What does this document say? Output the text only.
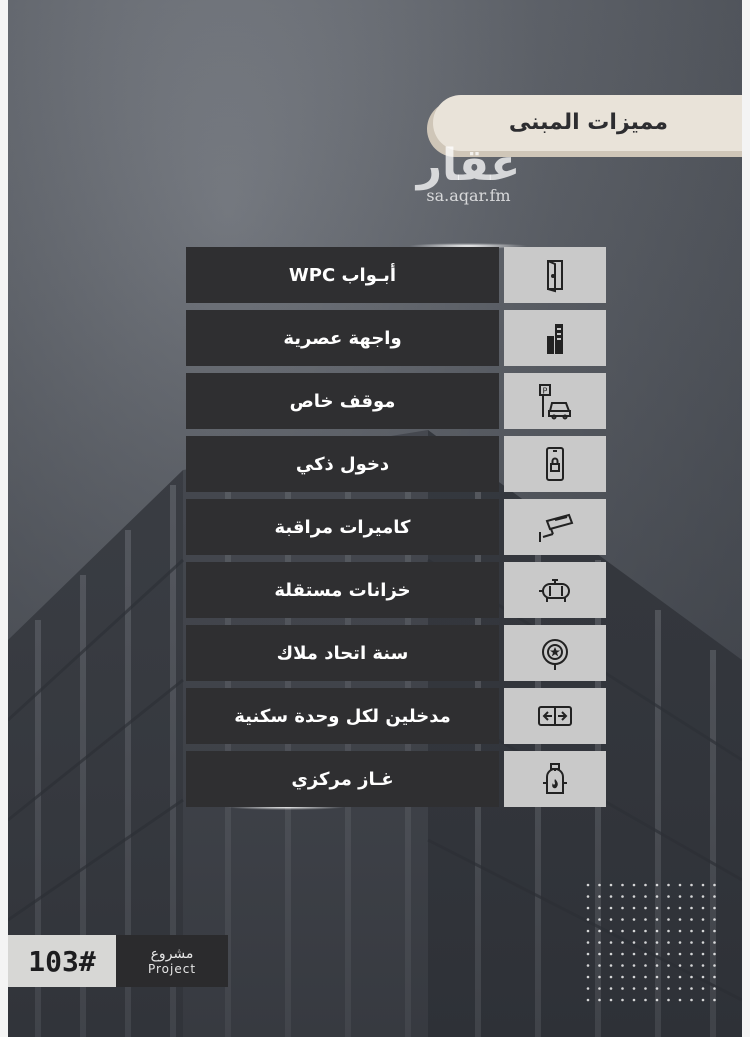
مميزات المبنى
عقار
sa.aqar.fm
أبـواب WPC
واجهة عصرية
موقف خاص	P
دخول ذكي
كاميرات مراقبة
خزانات مستقلة
سنة اتحاد ملاك
مدخلين لكل وحدة سكنية
غـاز مركزي
103#	مشروع
Project
